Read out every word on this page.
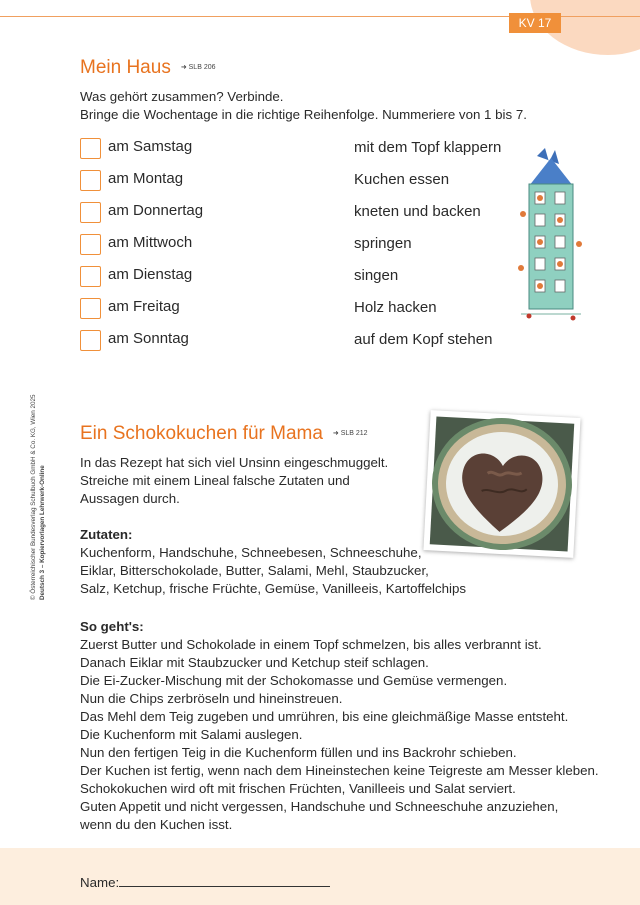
KV 17
© Österreichischer Bundesverlag Schulbuch GmbH & Co. KG, Wien 2025 Deutsch 3 – Kopiervorlagen Lehrwerk-Online
Mein Haus $^{➜ SLB 206}$
Was gehört zusammen? Verbinde.
Bringe die Wochentage in die richtige Reihenfolge. Nummeriere von 1 bis 7.
am Samstag
am Montag
am Donnertag
am Mittwoch
am Dienstag
am Freitag
am Sonntag
mit dem Topf klappern
Kuchen essen
kneten und backen
springen
singen
Holz hacken
auf dem Kopf stehen
Ein Schokokuchen für Mama $^{➜ SLB 212}$
In das Rezept hat sich viel Unsinn eingeschmuggelt.
Streiche mit einem Lineal falsche Zutaten und
Aussagen durch.
Zutaten:
Kuchenform, Handschuhe, Schneebesen, Schneeschuhe,
Eiklar, Bitterschokolade, Butter, Salami, Mehl, Staubzucker,
Salz, Ketchup, frische Früchte, Gemüse, Vanilleeis, Kartoffelchips
So geht's:
Zuerst Butter und Schokolade in einem Topf schmelzen, bis alles verbrannt ist.
Danach Eiklar mit Staubzucker und Ketchup steif schlagen.
Die Ei-Zucker-Mischung mit der Schokomasse und Gemüse vermengen.
Nun die Chips zerbröseln und hineinstreuen.
Das Mehl dem Teig zugeben und umrühren, bis eine gleichmäßige Masse entsteht.
Die Kuchenform mit Salami auslegen.
Nun den fertigen Teig in die Kuchenform füllen und ins Backrohr schieben.
Der Kuchen ist fertig, wenn nach dem Hineinstechen keine Teigreste am Messer kleben.
Schokokuchen wird oft mit frischen Früchten, Vanilleeis und Salat serviert.
Guten Appetit und nicht vergessen, Handschuhe und Schneeschuhe anzuziehen,
wenn du den Kuchen isst.
Name:
